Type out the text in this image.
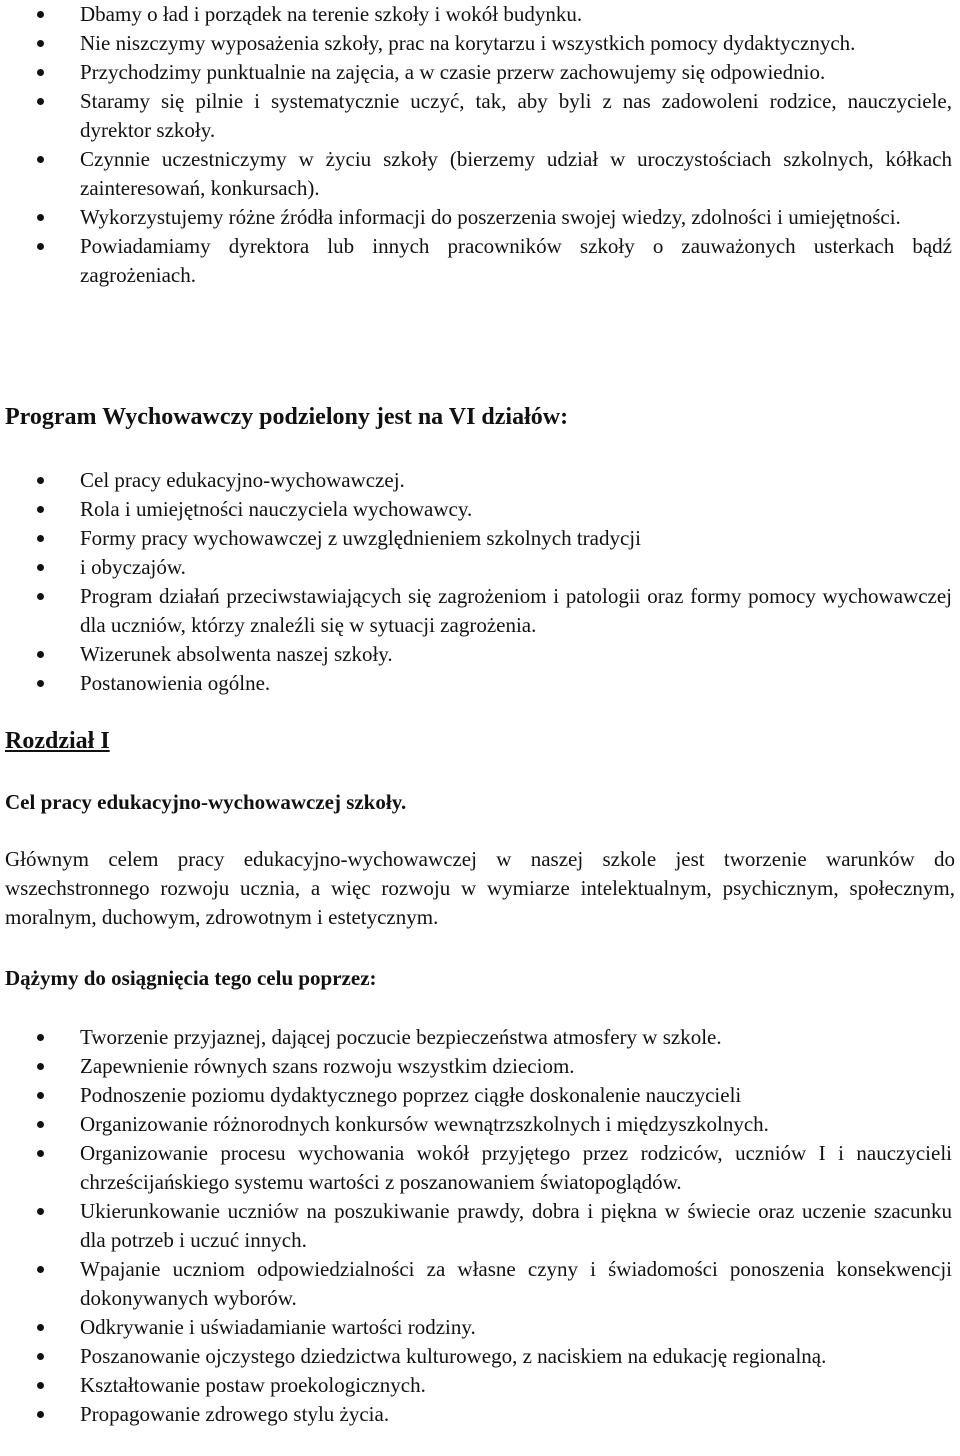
Dbamy o ład i porządek na terenie szkoły i wokół budynku.
Nie niszczymy wyposażenia szkoły, prac na korytarzu i wszystkich pomocy dydaktycznych.
Przychodzimy punktualnie na zajęcia, a w czasie przerw zachowujemy się odpowiednio.
Staramy się pilnie i systematycznie uczyć, tak, aby byli z nas zadowoleni rodzice, nauczyciele, dyrektor szkoły.
Czynnie uczestniczymy w życiu szkoły (bierzemy udział w uroczystościach szkolnych, kółkach zainteresowań, konkursach).
Wykorzystujemy różne źródła informacji do poszerzenia swojej wiedzy, zdolności i umiejętności.
Powiadamiamy dyrektora lub innych pracowników szkoły o zauważonych usterkach bądź zagrożeniach.
Program Wychowawczy podzielony jest na VI działów:
Cel pracy edukacyjno-wychowawczej.
Rola i umiejętności nauczyciela wychowawcy.
Formy pracy wychowawczej z uwzględnieniem szkolnych tradycji
i obyczajów.
Program działań przeciwstawiających się zagrożeniom i patologii oraz formy pomocy wychowawczej dla uczniów, którzy znaleźli się w sytuacji zagrożenia.
Wizerunek absolwenta naszej szkoły.
Postanowienia ogólne.
Rozdział I
Cel pracy edukacyjno-wychowawczej szkoły.

Głównym celem pracy edukacyjno-wychowawczej w naszej szkole jest tworzenie warunków do wszechstronnego rozwoju ucznia, a więc rozwoju w wymiarze intelektualnym, psychicznym, społecznym, moralnym, duchowym, zdrowotnym i estetycznym.

Dążymy do osiągnięcia tego celu poprzez:
Tworzenie przyjaznej, dającej poczucie bezpieczeństwa atmosfery w szkole.
Zapewnienie równych szans rozwoju wszystkim dzieciom.
Podnoszenie poziomu dydaktycznego poprzez ciągłe doskonalenie nauczycieli
Organizowanie różnorodnych konkursów wewnątrzszkolnych i międzyszkolnych.
Organizowanie procesu wychowania wokół przyjętego przez rodziców, uczniów I i nauczycieli chrześcijańskiego systemu wartości z poszanowaniem światopoglądów.
Ukierunkowanie uczniów na poszukiwanie prawdy, dobra i piękna w świecie oraz uczenie szacunku dla potrzeb i uczuć innych.
Wpajanie uczniom odpowiedzialności za własne czyny i świadomości ponoszenia konsekwencji dokonywanych wyborów.
Odkrywanie i uświadamianie wartości rodziny.
Poszanowanie ojczystego dziedzictwa kulturowego, z naciskiem na edukację regionalną.
Kształtowanie postaw proekologicznych.
Propagowanie zdrowego stylu życia.
